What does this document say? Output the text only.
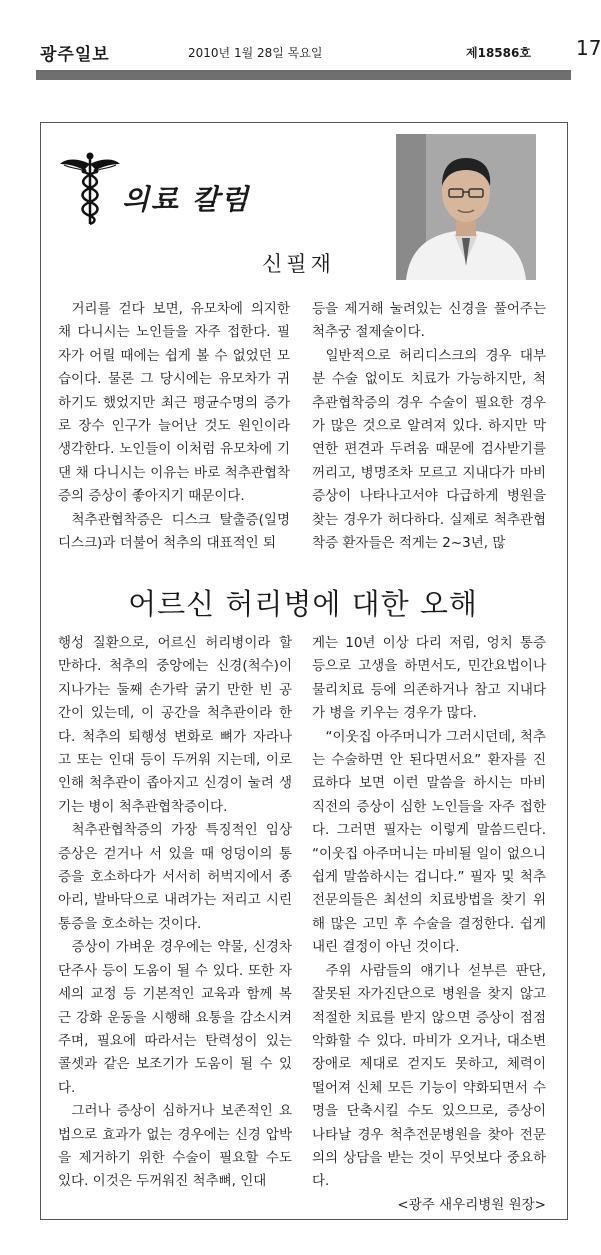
광주일보	2010년 1월 28일 목요일	제18586호 17
의료 칼럼
신필재

거리를 걷다 보면, 유모차에 의지한 채 다니시는 노인들을 자주 접한다. 필자가 어릴 때에는 쉽게 볼 수 없었던 모습이다. 물론 그 당시에는 유모차가 귀하기도 했었지만 최근 평균수명의 증가로 장수 인구가 늘어난 것도 원인이라 생각한다. 노인들이 이처럼 유모차에 기댄 채 다니시는 이유는 바로 척추관협착증의 증상이 좋아지기 때문이다.

척추관협착증은 디스크 탈출증(일명 디스크)과 더불어 척추의 대표적인 퇴

등을 제거해 눌려있는 신경을 풀어주는 척추궁 절제술이다.

일반적으로 허리디스크의 경우 대부분 수술 없이도 치료가 가능하지만, 척추관협착증의 경우 수술이 필요한 경우가 많은 것으로 알려져 있다. 하지만 막연한 편견과 두려움 때문에 검사받기를 꺼리고, 병명조차 모르고 지내다가 마비증상이 나타나고서야 다급하게 병원을 찾는 경우가 허다하다. 실제로 척추관협착증 환자들은 적게는 2~3년, 많

어르신 허리병에 대한 오해

행성 질환으로, 어르신 허리병이라 할 만하다. 척추의 중앙에는 신경(척수)이 지나가는 둘째 손가락 굵기 만한 빈 공간이 있는데, 이 공간을 척추관이라 한다. 척추의 퇴행성 변화로 뼈가 자라나고 또는 인대 등이 두꺼워 지는데, 이로 인해 척추관이 좁아지고 신경이 눌려 생기는 병이 척추관협착증이다.

척추관협착증의 가장 특징적인 임상 증상은 걷거나 서 있을 때 엉덩이의 통증을 호소하다가 서서히 허벅지에서 종아리, 발바닥으로 내려가는 저리고 시린 통증을 호소하는 것이다.

증상이 가벼운 경우에는 약물, 신경차단주사 등이 도움이 될 수 있다. 또한 자세의 교정 등 기본적인 교육과 함께 복근 강화 운동을 시행해 요통을 감소시켜주며, 필요에 따라서는 탄력성이 있는 콜셋과 같은 보조기가 도움이 될 수 있다.

그러나 증상이 심하거나 보존적인 요법으로 효과가 없는 경우에는 신경 압박을 제거하기 위한 수술이 필요할 수도 있다. 이것은 두꺼워진 척추뼈, 인대

게는 10년 이상 다리 저림, 엉치 통증 등으로 고생을 하면서도, 민간요법이나 물리치료 등에 의존하거나 참고 지내다가 병을 키우는 경우가 많다.

“이웃집 아주머니가 그러시던데, 척추는 수술하면 안 된다면서요” 환자를 진료하다 보면 이런 말씀을 하시는 마비 직전의 증상이 심한 노인들을 자주 접한다. 그러면 필자는 이렇게 말씀드린다. “이웃집 아주머니는 마비될 일이 없으니 쉽게 말씀하시는 겁니다.” 필자 및 척추전문의들은 최선의 치료방법을 찾기 위해 많은 고민 후 수술을 결정한다. 쉽게 내린 결정이 아닌 것이다.

주위 사람들의 얘기나 섣부른 판단, 잘못된 자가진단으로 병원을 찾지 않고 적절한 치료를 받지 않으면 증상이 점점 악화할 수 있다. 마비가 오거나, 대소변장애로 제대로 걷지도 못하고, 체력이 떨어져 신체 모든 기능이 약화되면서 수명을 단축시킬 수도 있으므로, 증상이 나타날 경우 척추전문병원을 찾아 전문의의 상담을 받는 것이 무엇보다 중요하다.

<광주 새우리병원 원장>
